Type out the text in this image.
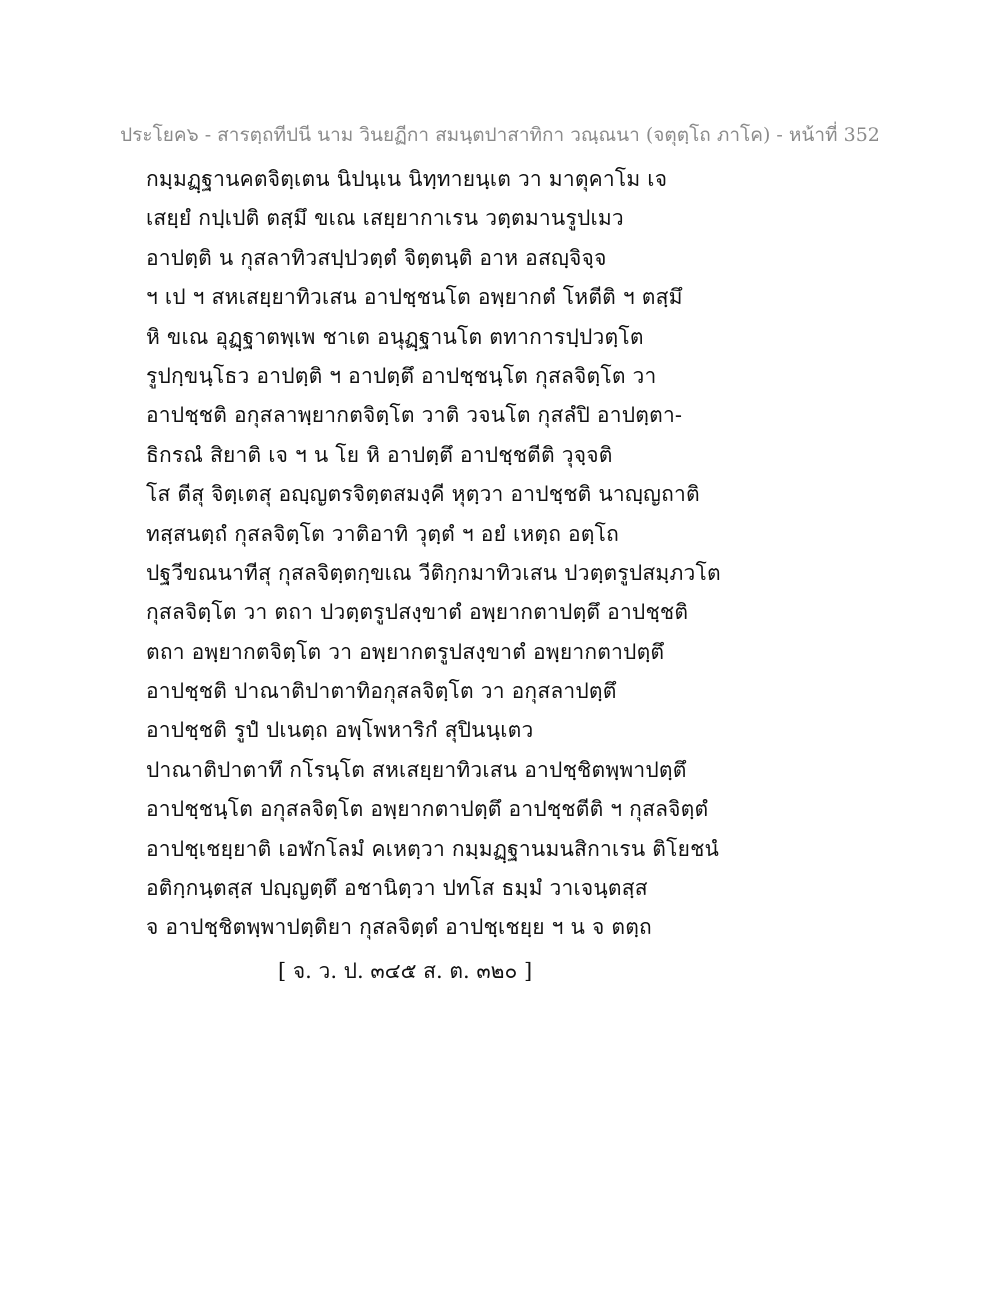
ประโยค๖ - สารตฺถทีปนี นาม วินยฏีกา สมนฺตปาสาทิกา วณฺณนา (จตุตฺโถ ภาโค) - หน้าที่ 352
กมฺมฏฺฐานคตจิตฺเตน นิปนฺเน นิทฺทายนฺเต วา มาตุคาโม เจ
เสยฺยํ กปฺเปติ ตสฺมึ ขเณ เสยฺยากาเรน วตฺตมานรูปเมว
อาปตฺติ น กุสลาทิวสปฺปวตฺตํ จิตฺตนฺติ อาห อสญฺจิจฺจ
ฯ เป ฯ สหเสยฺยาทิวเสน อาปชฺชนโต อพฺยากตํ โหตีติ ฯ ตสฺมึ
หิ ขเณ อุฏฺฐาตพฺเพ ชาเต อนุฏฺฐานโต ตทาการปฺปวตฺโต
รูปกฺขนฺโธว อาปตฺติ ฯ อาปตฺตึ อาปชฺชนฺโต กุสลจิตฺโต วา
อาปชฺชติ อกุสลาพฺยากตจิตฺโต วาติ วจนโต กุสลํปิ อาปตฺตา-
ธิกรณํ สิยาติ เจ ฯ น โย หิ อาปตฺตึ อาปชฺชตีติ วุจฺจติ
โส ตีสุ จิตฺเตสุ อญฺญตรจิตฺตสมงฺคี หุตฺวา อาปชฺชติ นาญฺญถาติ
ทสฺสนตฺถํ กุสลจิตฺโต วาติอาทิ วุตฺตํ ฯ อยํ เหตฺถ อตฺโถ
ปฐวีขณนาทีสุ กุสลจิตฺตกฺขเณ วีติกฺกมาทิวเสน ปวตฺตรูปสมฺภวโต
กุสลจิตฺโต วา ตถา ปวตฺตรูปสงฺขาตํ อพฺยากตาปตฺตึ อาปชฺชติ
ตถา อพฺยากตจิตฺโต วา อพฺยากตรูปสงฺขาตํ อพฺยากตาปตฺตึ
อาปชฺชติ ปาณาติปาตาทิอกุสลจิตฺโต วา อกุสลาปตฺตึ
อาปชฺชติ รูปํ ปเนตฺถ อพฺโพหาริกํ สุปินนฺเตว
ปาณาติปาตาทึ กโรนฺโต สหเสยฺยาทิวเสน อาปชฺชิตพฺพาปตฺตึ
อาปชฺชนฺโต อกุสลจิตฺโต อพฺยากตาปตฺตึ อาปชฺชตีติ ฯ กุสลจิตฺตํ
อาปชฺเชยฺยาติ เอฬกโลมํ คเหตฺวา กมฺมฏฺฐานมนสิกาเรน ติโยชนํ
อติกฺกนฺตสฺส ปญฺญตฺตึ อชานิตฺวา ปทโส ธมฺมํ วาเจนฺตสฺส
จ อาปชฺชิตพฺพาปตฺติยา กุสลจิตฺตํ อาปชฺเชยฺย ฯ น จ ตตฺถ
[ จ. ว. ป. ๓๔๕ ส. ต. ๓๒๐ ]
